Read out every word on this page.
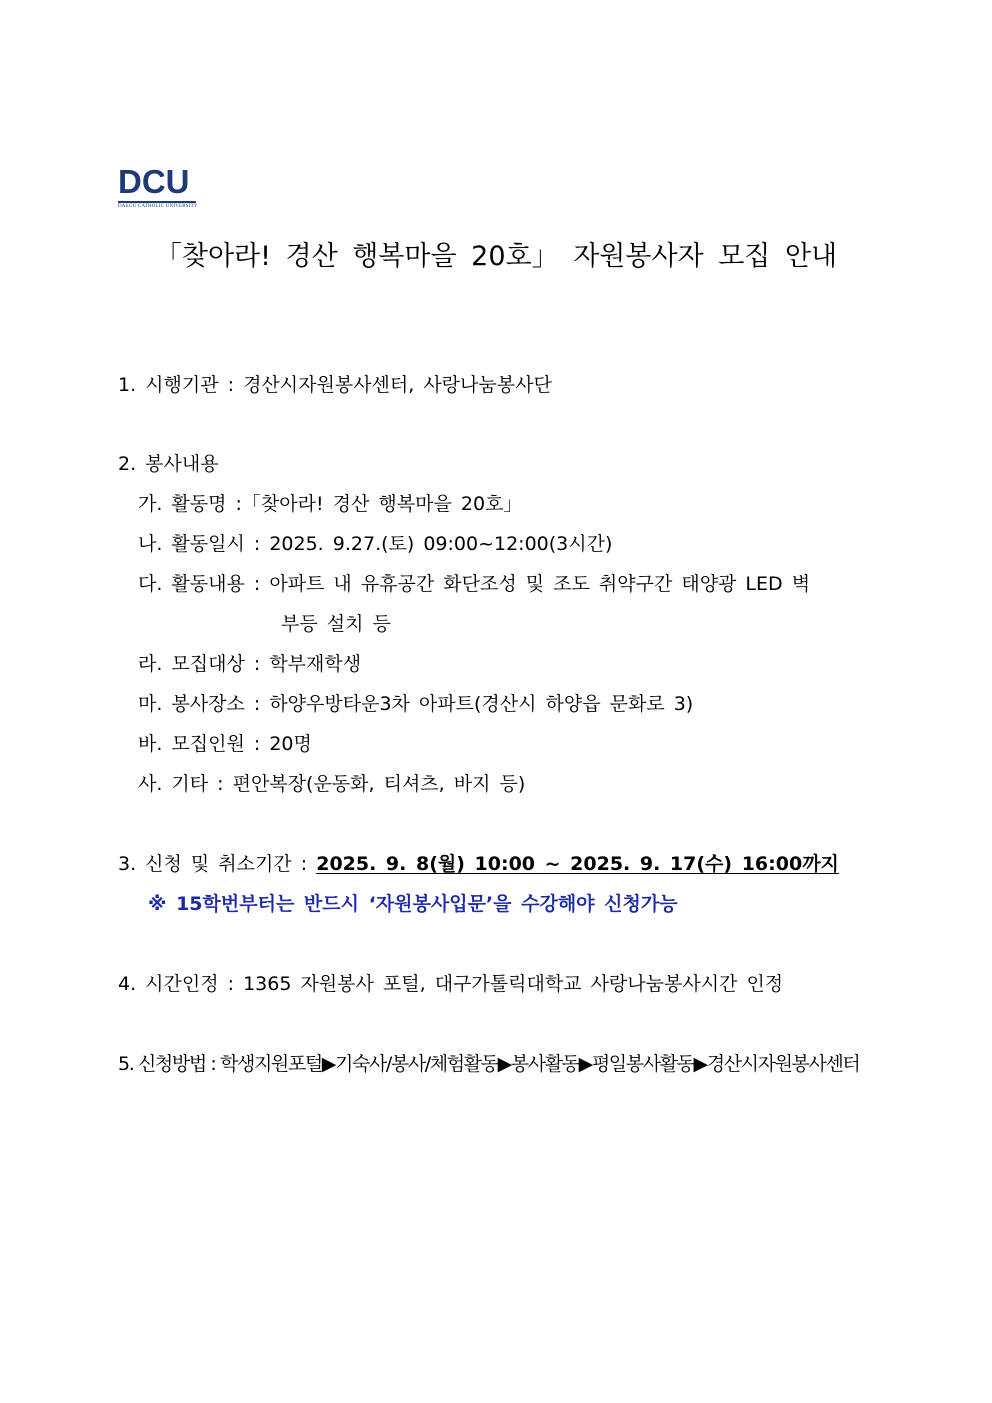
DCU
DAEGU CATHOLIC UNIVERSITY
「찾아라! 경산 행복마을 20호」 자원봉사자 모집 안내
1. 시행기관 : 경산시자원봉사센터, 사랑나눔봉사단
2. 봉사내용
가. 활동명 :「찾아라! 경산 행복마을 20호」
나. 활동일시 : 2025. 9.27.(토) 09:00~12:00(3시간)
다. 활동내용 : 아파트 내 유휴공간 화단조성 및 조도 취약구간 태양광 LED 벽
부등 설치 등
라. 모집대상 : 학부재학생
마. 봉사장소 : 하양우방타운3차 아파트(경산시 하양읍 문화로 3)
바. 모집인원 : 20명
사. 기타 : 편안복장(운동화, 티셔츠, 바지 등)
3. 신청 및 취소기간 : 2025. 9. 8(월) 10:00 ~ 2025. 9. 17(수) 16:00까지
※ 15학번부터는 반드시 ‘자원봉사입문’을 수강해야 신청가능
4. 시간인정 : 1365 자원봉사 포털, 대구가톨릭대학교 사랑나눔봉사시간 인정
5. 신청방법 : 학생지원포털▶기숙사/봉사/체험활동▶봉사활동▶평일봉사활동▶경산시자원봉사센터
